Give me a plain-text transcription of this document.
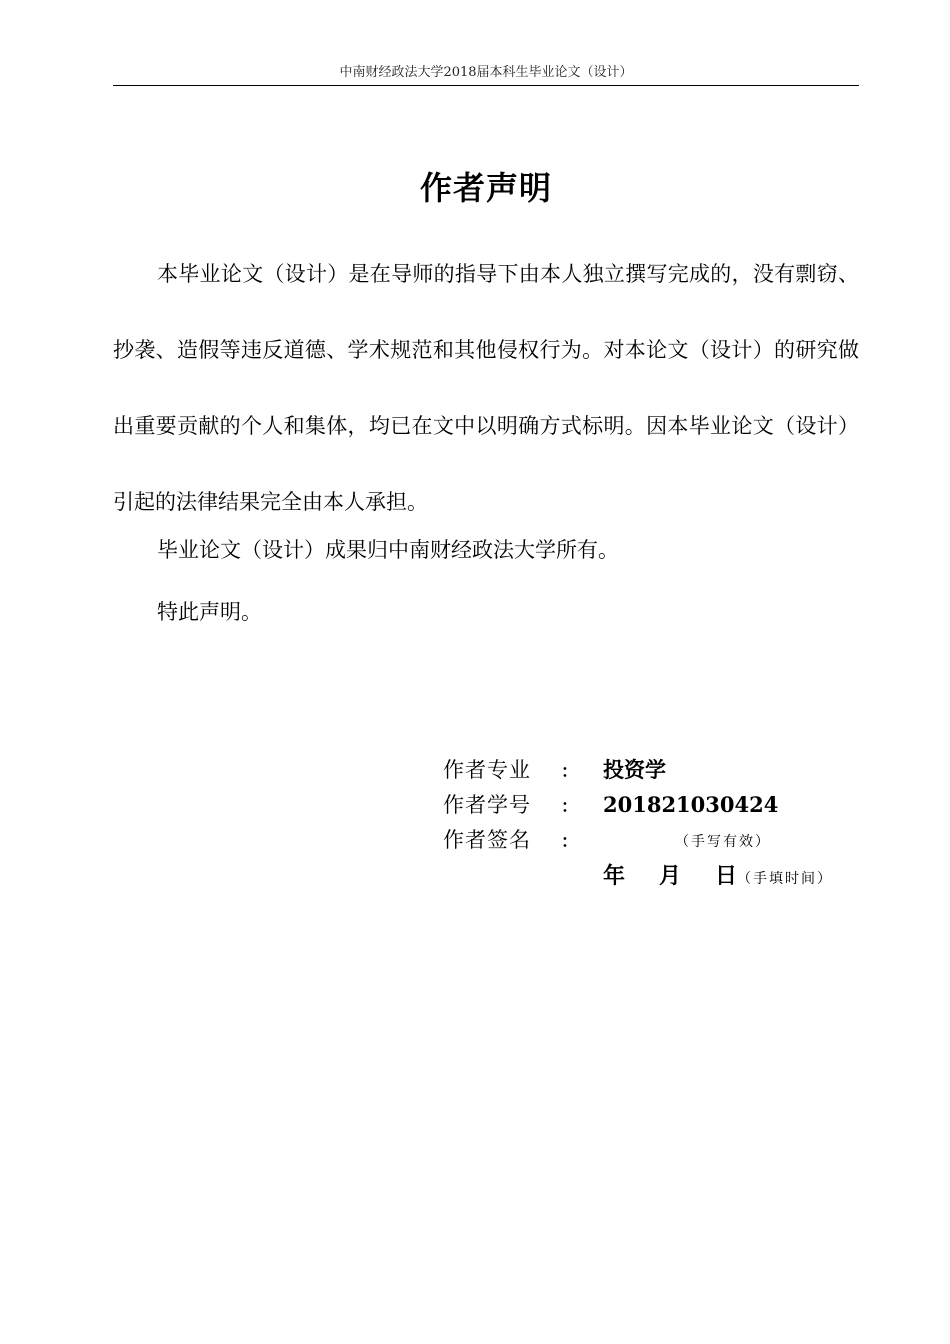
中南财经政法大学2018届本科生毕业论文（设计）
作者声明
本毕业论文（设计）是在导师的指导下由本人独立撰写完成的，没有剽窃、抄袭、造假等违反道德、学术规范和其他侵权行为。对本论文（设计）的研究做出重要贡献的个人和集体，均已在文中以明确方式标明。因本毕业论文（设计）引起的法律结果完全由本人承担。
毕业论文（设计）成果归中南财经政法大学所有。
特此声明。
作者专业 ： 投资学
作者学号 ： 201821030424
作者签名 ：	（手写有效）
年 月 日（手填时间）
